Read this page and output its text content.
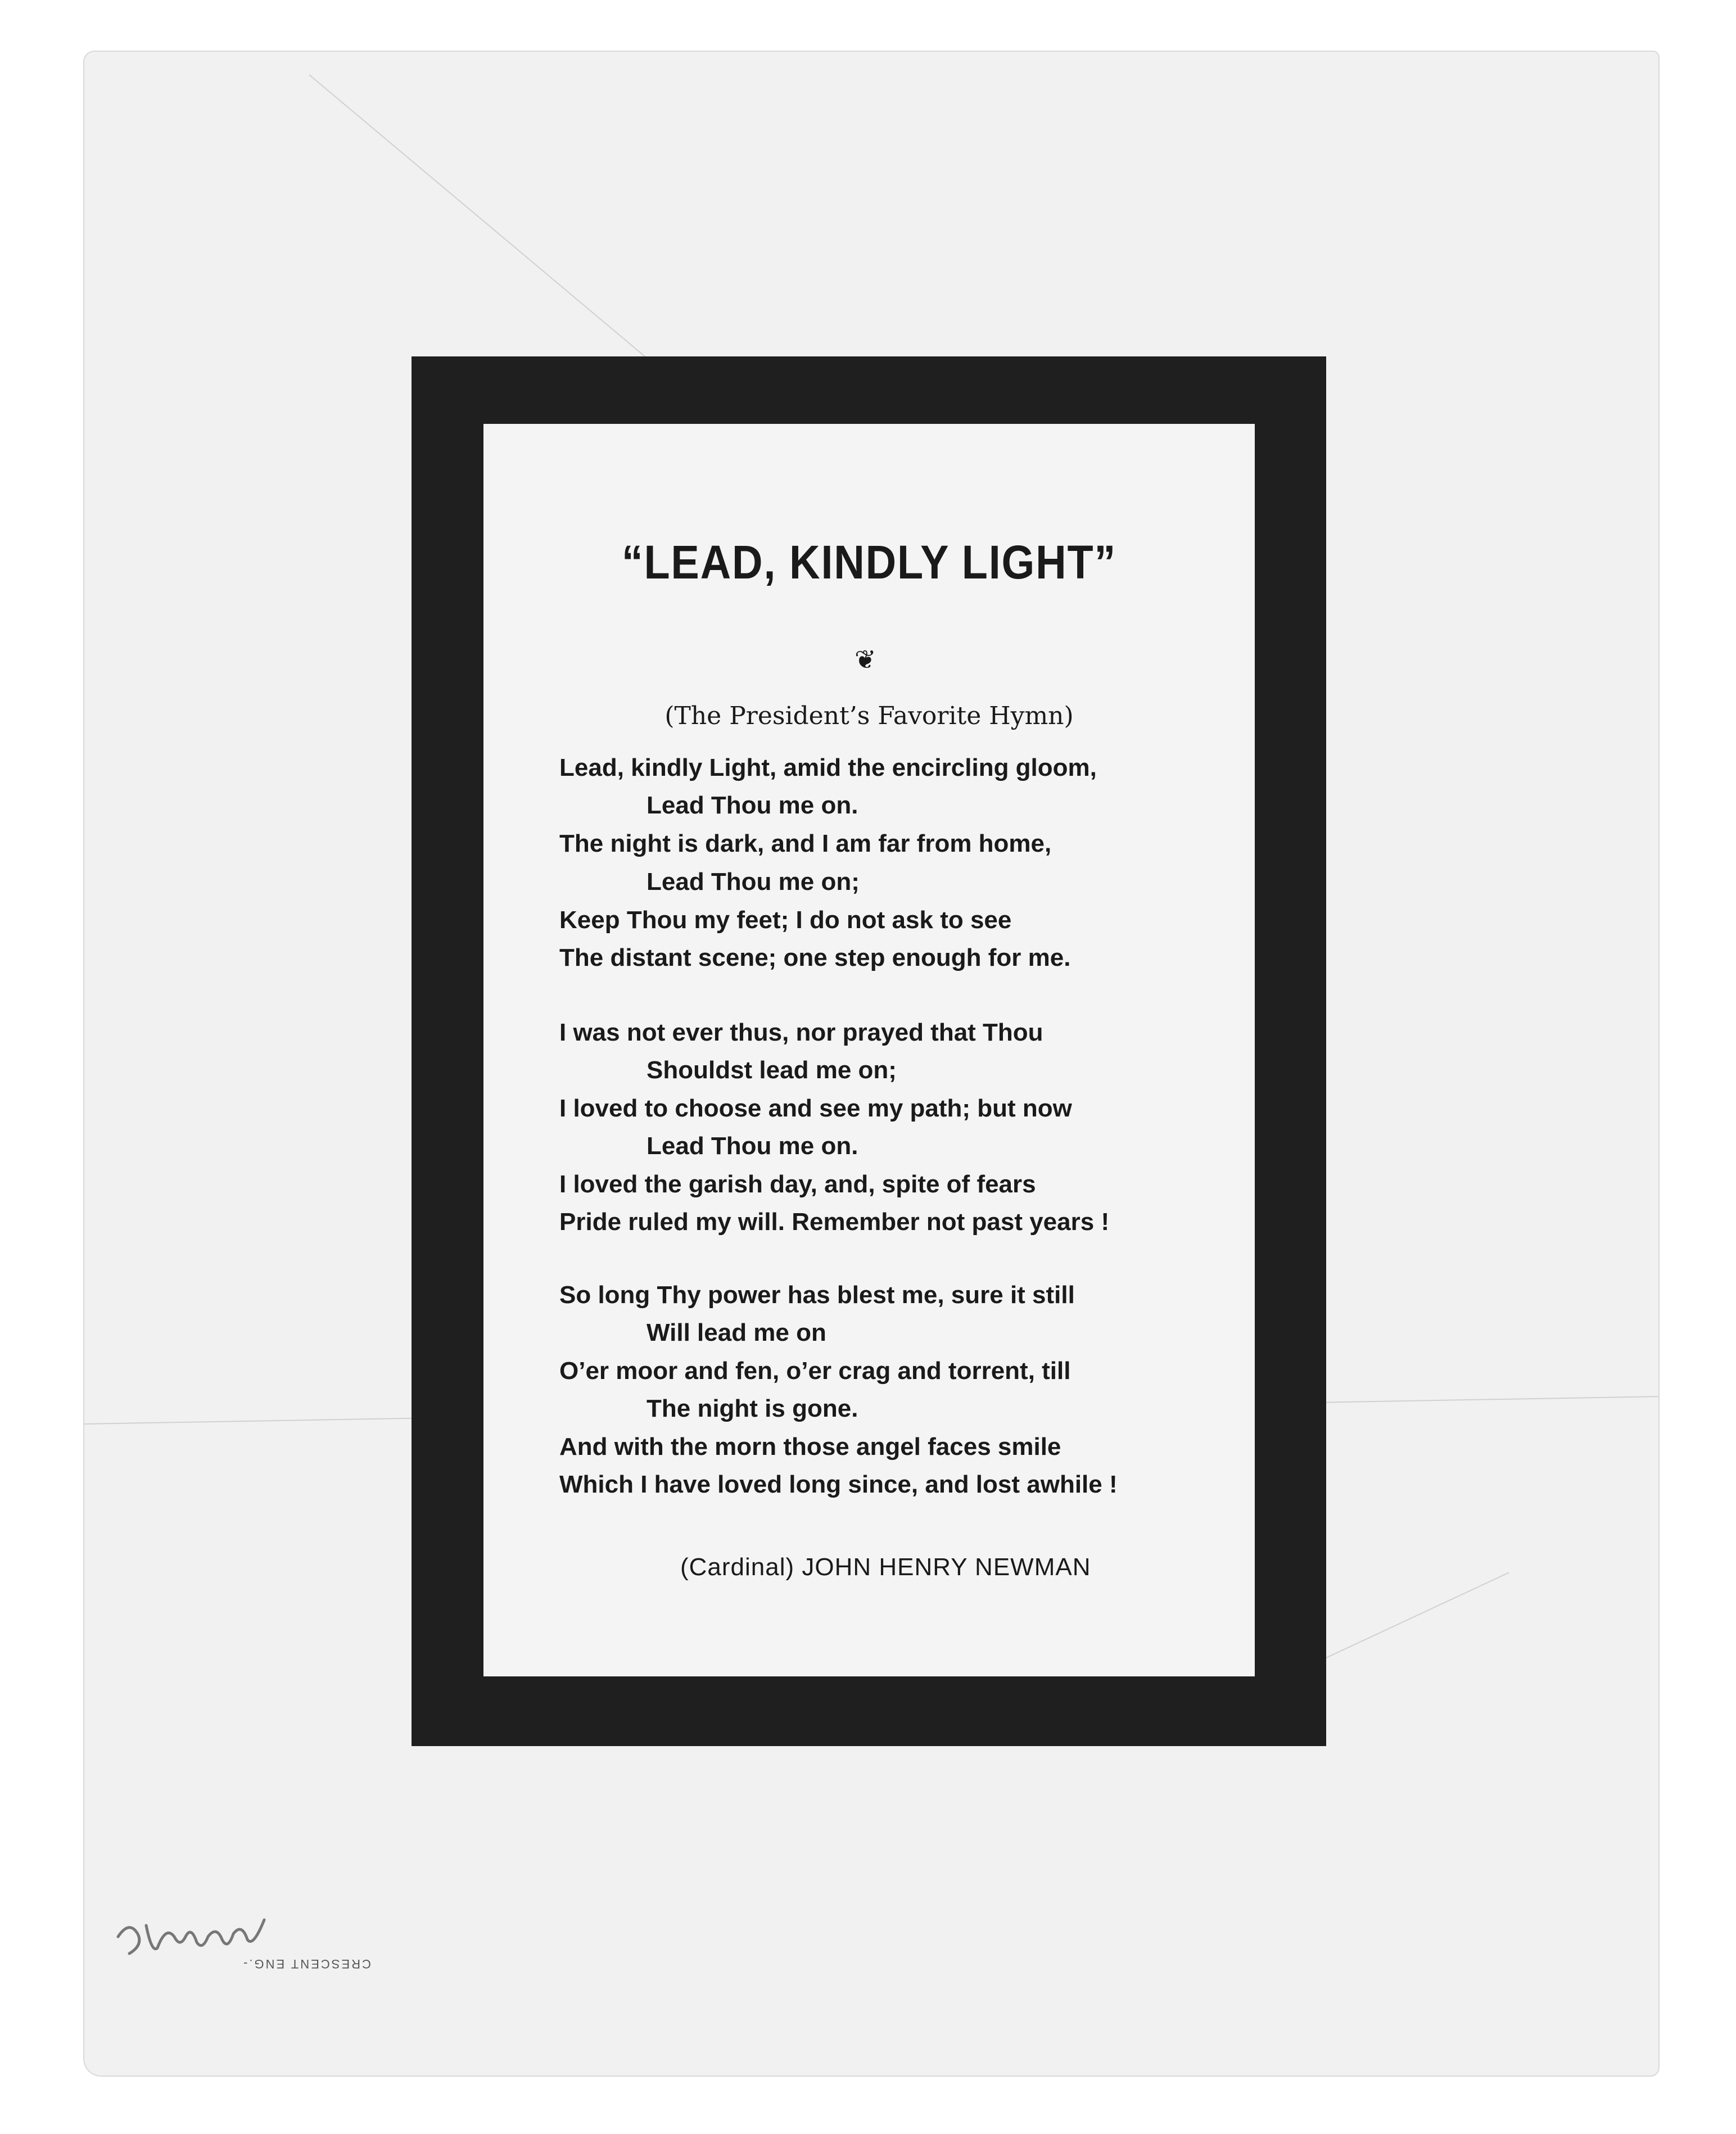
“LEAD, KINDLY LIGHT”
❦
(The President’s Favorite Hymn)
Lead, kindly Light, amid the encircling gloom,
Lead Thou me on.
The night is dark, and I am far from home,
Lead Thou me on;
Keep Thou my feet; I do not ask to see
The distant scene; one step enough for me.
I was not ever thus, nor prayed that Thou
Shouldst lead me on;
I loved to choose and see my path; but now
Lead Thou me on.
I loved the garish day, and, spite of fears
Pride ruled my will. Remember not past years !
So long Thy power has blest me, sure it still
Will lead me on
O’er moor and fen, o’er crag and torrent, till
The night is gone.
And with the morn those angel faces smile
Which I have loved long since, and lost awhile !
(Cardinal) JOHN HENRY NEWMAN
CRESCENT ENG.-
